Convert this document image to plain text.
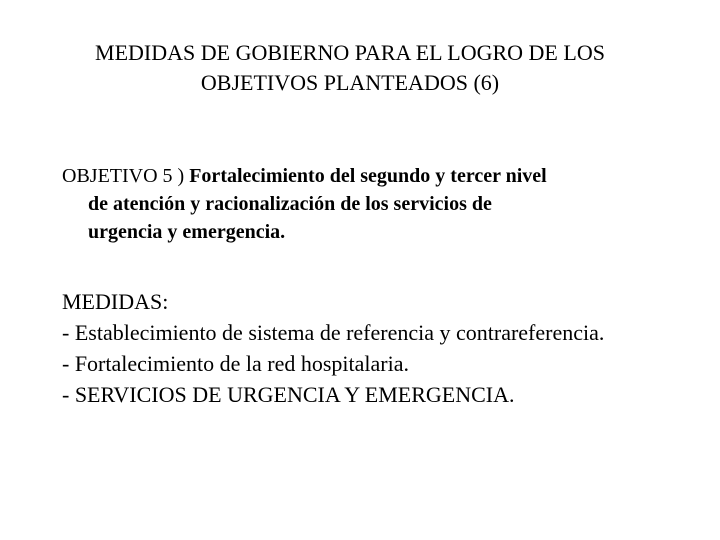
MEDIDAS DE GOBIERNO PARA EL LOGRO DE LOS
OBJETIVOS PLANTEADOS (6)
OBJETIVO 5 ) Fortalecimiento del segundo y tercer nivel
de atención y racionalización de los servicios de
urgencia y emergencia.
MEDIDAS:
- Establecimiento de sistema de referencia y contrareferencia.
- Fortalecimiento de la red hospitalaria.
- SERVICIOS DE URGENCIA Y EMERGENCIA.
